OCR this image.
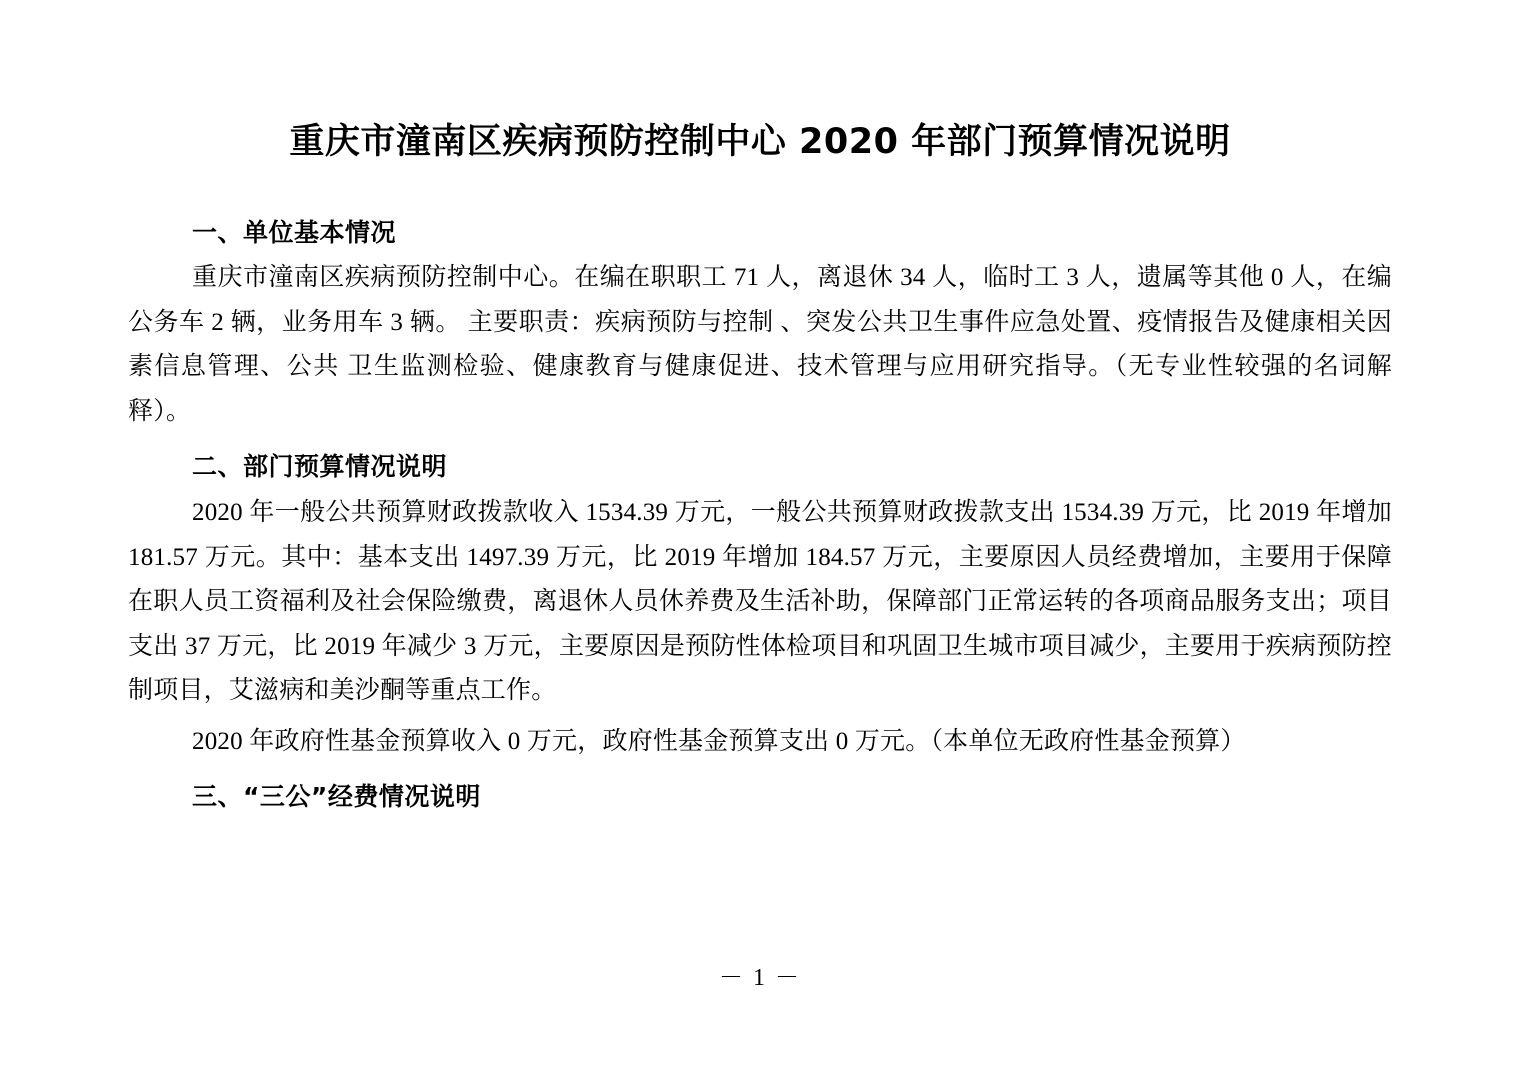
重庆市潼南区疾病预防控制中心 2020 年部门预算情况说明
一、单位基本情况

重庆市潼南区疾病预防控制中心。在编在职职工 71 人，离退休 34 人，临时工 3 人，遗属等其他 0 人，在编公务车 2 辆，业务用车 3 辆。 主要职责：疾病预防与控制 、突发公共卫生事件应急处置、疫情报告及健康相关因素信息管理、公共 卫生监测检验、健康教育与健康促进、技术管理与应用研究指导。（无专业性较强的名词解释）。

二、部门预算情况说明

2020 年一般公共预算财政拨款收入 1534.39 万元，一般公共预算财政拨款支出 1534.39 万元，比 2019 年增加 181.57 万元。其中：基本支出 1497.39 万元，比 2019 年增加 184.57 万元，主要原因人员经费增加，主要用于保障在职人员工资福利及社会保险缴费，离退休人员休养费及生活补助，保障部门正常运转的各项商品服务支出；项目支出 37 万元，比 2019 年减少 3 万元，主要原因是预防性体检项目和巩固卫生城市项目减少，主要用于疾病预防控制项目，艾滋病和美沙酮等重点工作。

2020 年政府性基金预算收入 0 万元，政府性基金预算支出 0 万元。（本单位无政府性基金预算）

三、“三公”经费情况说明
－ 1 －
